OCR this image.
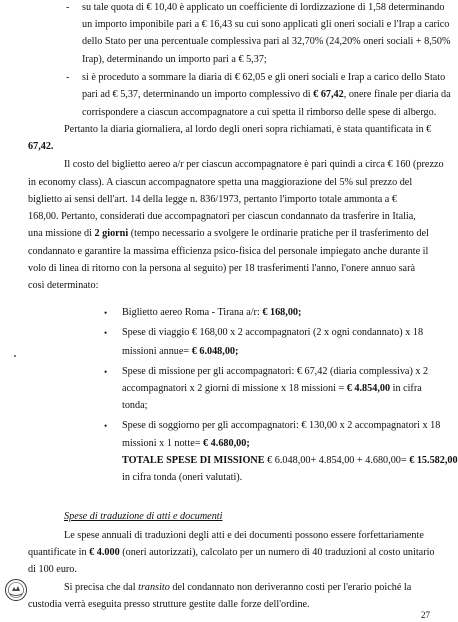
su tale quota di € 10,40 è applicato un coefficiente di lordizzazione di 1,58 determinando
un importo imponibile pari a € 16,43 su cui sono applicati gli oneri sociali e l'Irap a carico
dello Stato per una percentuale complessiva pari al 32,70% (24,20% oneri sociali + 8,50%
Irap), determinando un importo pari a € 5,37;
si è proceduto a sommare la diaria di € 62,05 e gli oneri sociali e Irap a carico dello Stato
pari ad € 5,37, determinando un importo complessivo di € 67,42, onere finale per diaria da
corrispondere a ciascun accompagnatore a cui spetta il rimborso delle spese di albergo.
Pertanto la diaria giornaliera, al lordo degli oneri sopra richiamati, è stata quantificata in €
67,42.
Il costo del biglietto aereo a/r per ciascun accompagnatore è pari quindi a circa € 160 (prezzo
in economy class). A ciascun accompagnatore spetta una maggiorazione del 5% sul prezzo del
biglietto ai sensi dell'art. 14 della legge n. 836/1973, pertanto l'importo totale ammonta a €
168,00. Pertanto, considerati due accompagnatori per ciascun condannato da trasferire in Italia,
una missione di 2 giorni (tempo necessario a svolgere le ordinarie pratiche per il trasferimento del
condannato e garantire la massima efficienza psico-fisica del personale impiegato anche durante il
volo di linea di ritorno con la persona al seguito) per 18 trasferimenti l'anno, l'onere annuo sarà
così determinato:
Biglietto aereo Roma - Tirana a/r: € 168,00;
Spese di viaggio € 168,00 x 2 accompagnatori (2 x ogni condannato) x 18
missioni annue= € 6.048,00;
Spese di missione per gli accompagnatori: € 67,42 (diaria complessiva) x 2
accompagnatori x 2 giorni di missione x 18 missioni = € 4.854,00 in cifra
tonda;
Spese di soggiorno per gli accompagnatori: € 130,00 x 2 accompagnatori x 18
missioni x 1 notte= € 4.680,00;
TOTALE SPESE DI MISSIONE € 6.048,00+ 4.854,00 + 4.680,00= € 15.582,00
in cifra tonda (oneri valutati).
Spese di traduzione di atti e documenti
Le spese annuali di traduzioni degli atti e dei documenti possono essere forfettariamente
quantificate in € 4.000 (oneri autorizzati), calcolato per un numero di 40 traduzioni al costo unitario
di 100 euro.
Si precisa che dal transito del condannato non deriveranno costi per l'erario poiché la
custodia verrà eseguita presso strutture gestite dalle forze dell'ordine.
-
-
•
•
•
•
27
